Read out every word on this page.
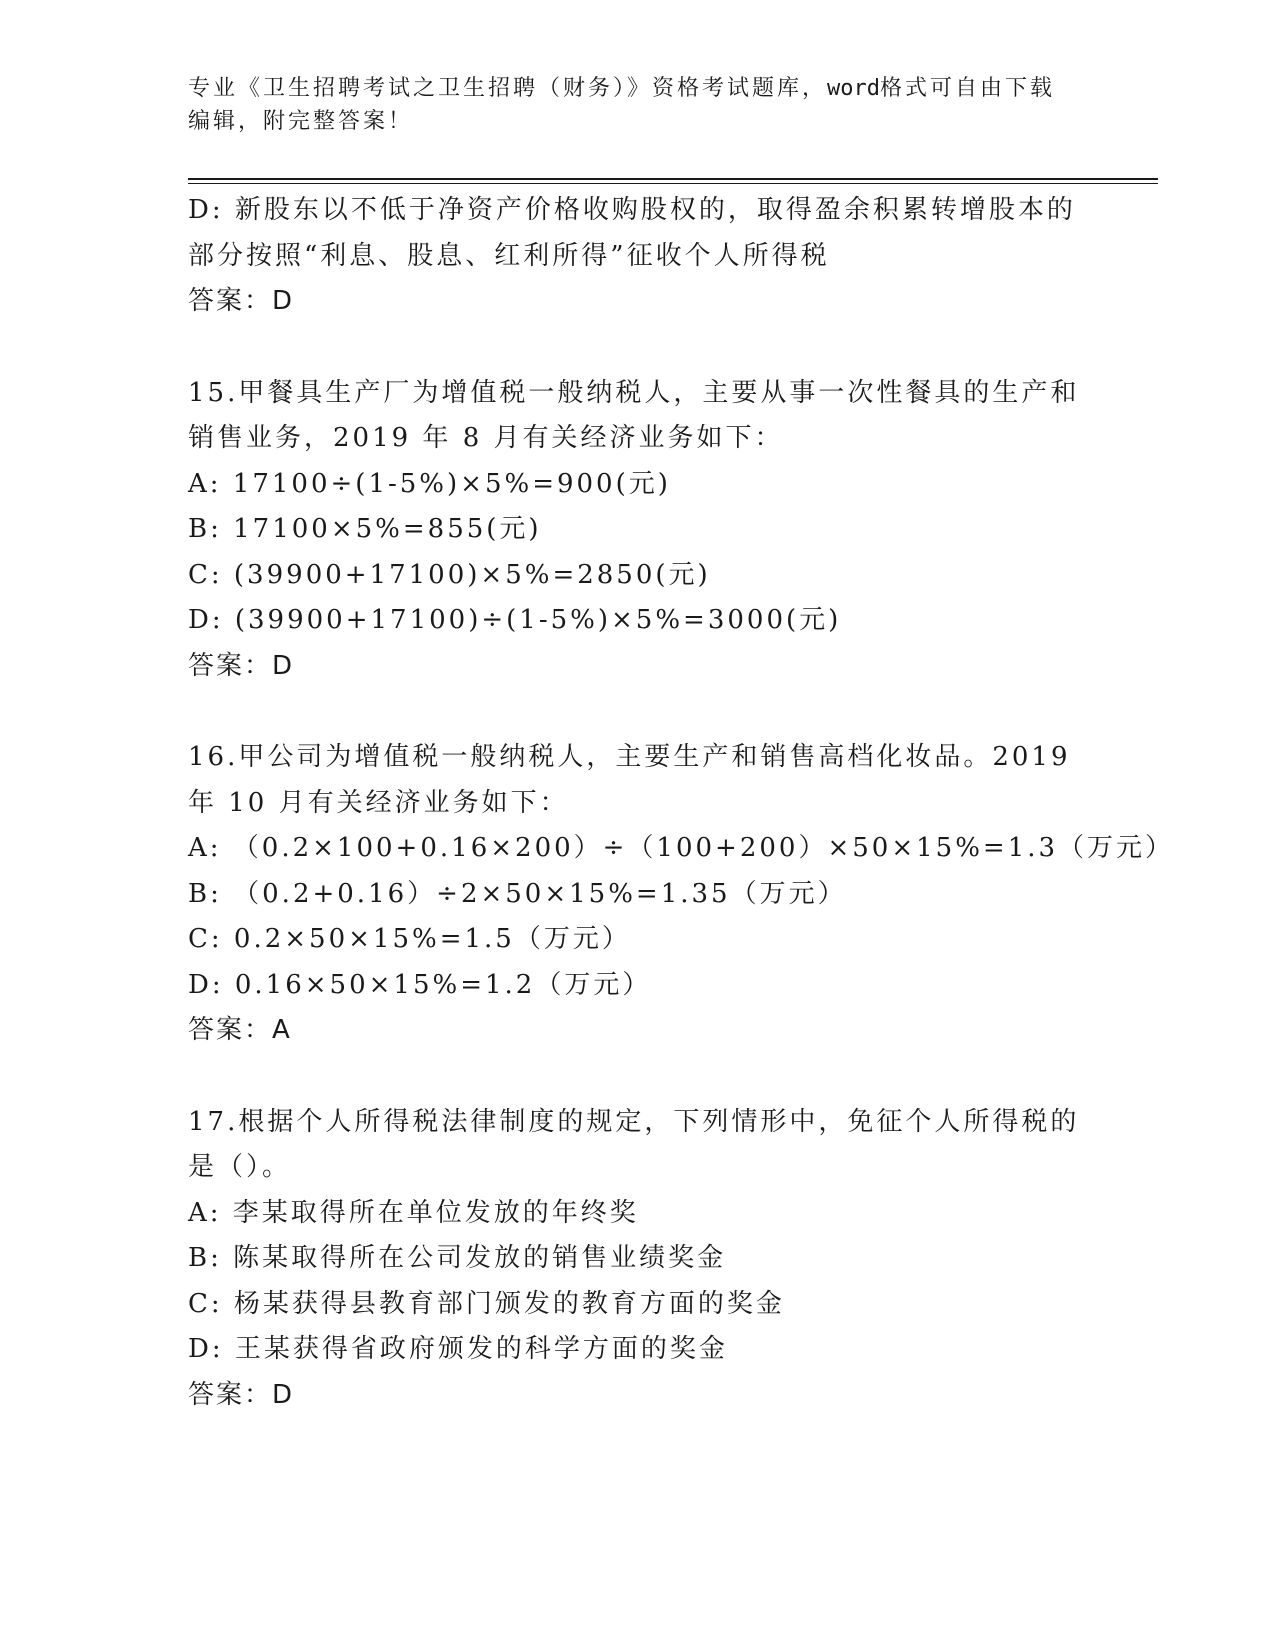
专业《卫生招聘考试之卫生招聘（财务）》资格考试题库，word格式可自由下载
编辑，附完整答案！
D: 新股东以不低于净资产价格收购股权的，取得盈余积累转增股本的
部分按照“利息、股息、红利所得”征收个人所得税
答案：D
15.甲餐具生产厂为增值税一般纳税人，主要从事一次性餐具的生产和
销售业务，2019 年 8 月有关经济业务如下：
A: 17100÷(1-5%)×5%=900(元)
B: 17100×5%=855(元)
C: (39900+17100)×5%=2850(元)
D: (39900+17100)÷(1-5%)×5%=3000(元)
答案：D
16.甲公司为增值税一般纳税人，主要生产和销售高档化妆品。2019
年 10 月有关经济业务如下：
A: （0.2×100+0.16×200）÷（100+200）×50×15%=1.3（万元）
B: （0.2+0.16）÷2×50×15%=1.35（万元）
C: 0.2×50×15%=1.5（万元）
D: 0.16×50×15%=1.2（万元）
答案：A
17.根据个人所得税法律制度的规定，下列情形中，免征个人所得税的
是（）。
A: 李某取得所在单位发放的年终奖
B: 陈某取得所在公司发放的销售业绩奖金
C: 杨某获得县教育部门颁发的教育方面的奖金
D: 王某获得省政府颁发的科学方面的奖金
答案：D
